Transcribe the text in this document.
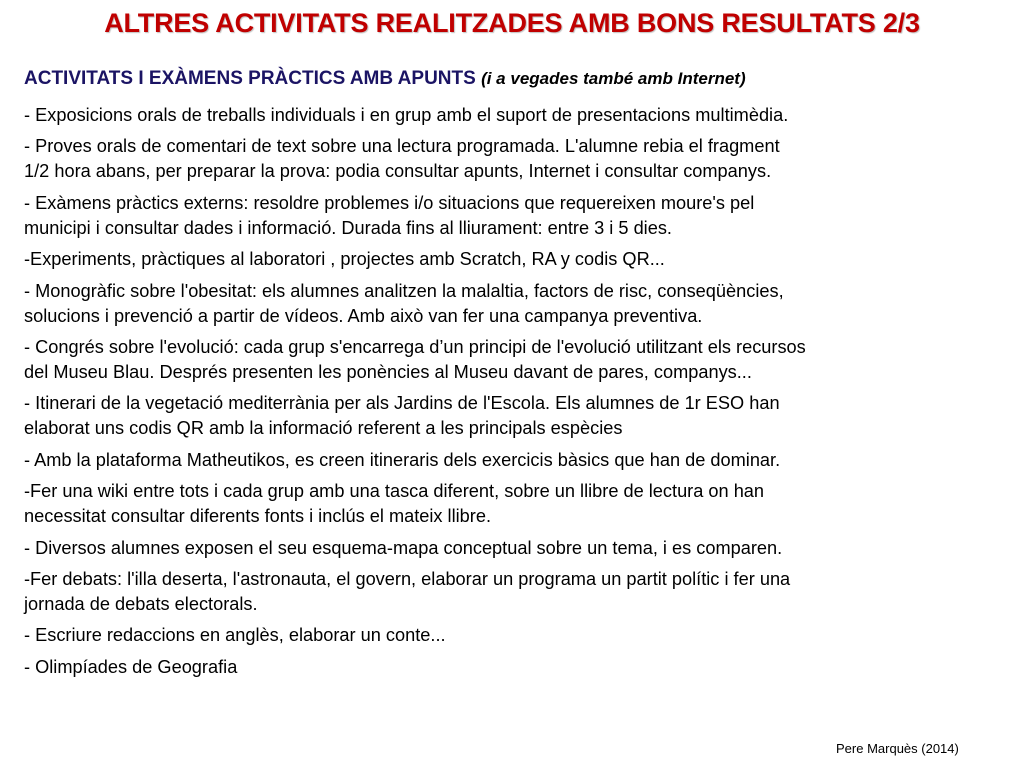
ALTRES ACTIVITATS REALITZADES AMB BONS RESULTATS 2/3
ACTIVITATS I EXÀMENS PRÀCTICS AMB APUNTS (i a vegades també amb Internet)
- Exposicions orals de treballs individuals i en grup amb el suport de presentacions multimèdia.
- Proves orals de comentari de text sobre una lectura programada. L'alumne rebia el fragment
1/2 hora abans, per preparar la prova: podia consultar apunts, Internet i consultar companys.
- Exàmens pràctics externs: resoldre problemes i/o situacions que requereixen moure's pel
municipi i consultar dades i informació. Durada fins al lliurament: entre 3 i 5 dies.
-Experiments, pràctiques al laboratori , projectes amb Scratch, RA y codis QR...
- Monogràfic sobre l'obesitat: els alumnes analitzen la malaltia, factors de risc, conseqüències,
solucions i prevenció a partir de vídeos. Amb això van fer una campanya preventiva.
- Congrés sobre l'evolució: cada grup s'encarrega d’un principi de l'evolució utilitzant els recursos
del Museu Blau. Després presenten les ponències al Museu davant de pares, companys...
- Itinerari de la vegetació mediterrània per als Jardins de l'Escola. Els alumnes de 1r ESO han
elaborat uns codis QR amb la informació referent a les principals espècies
- Amb la plataforma Matheutikos, es creen itineraris dels exercicis bàsics que han de dominar.
-Fer una wiki entre tots i cada grup amb una tasca diferent, sobre un llibre de lectura on han
necessitat consultar diferents fonts i inclús el mateix llibre.
- Diversos alumnes exposen el seu esquema-mapa conceptual sobre un tema, i es comparen.
-Fer debats: l'illa deserta, l'astronauta, el govern, elaborar un programa un partit polític i fer una
jornada de debats electorals.
- Escriure redaccions en anglès, elaborar un conte...
- Olimpíades de Geografia
Pere Marquès (2014)
